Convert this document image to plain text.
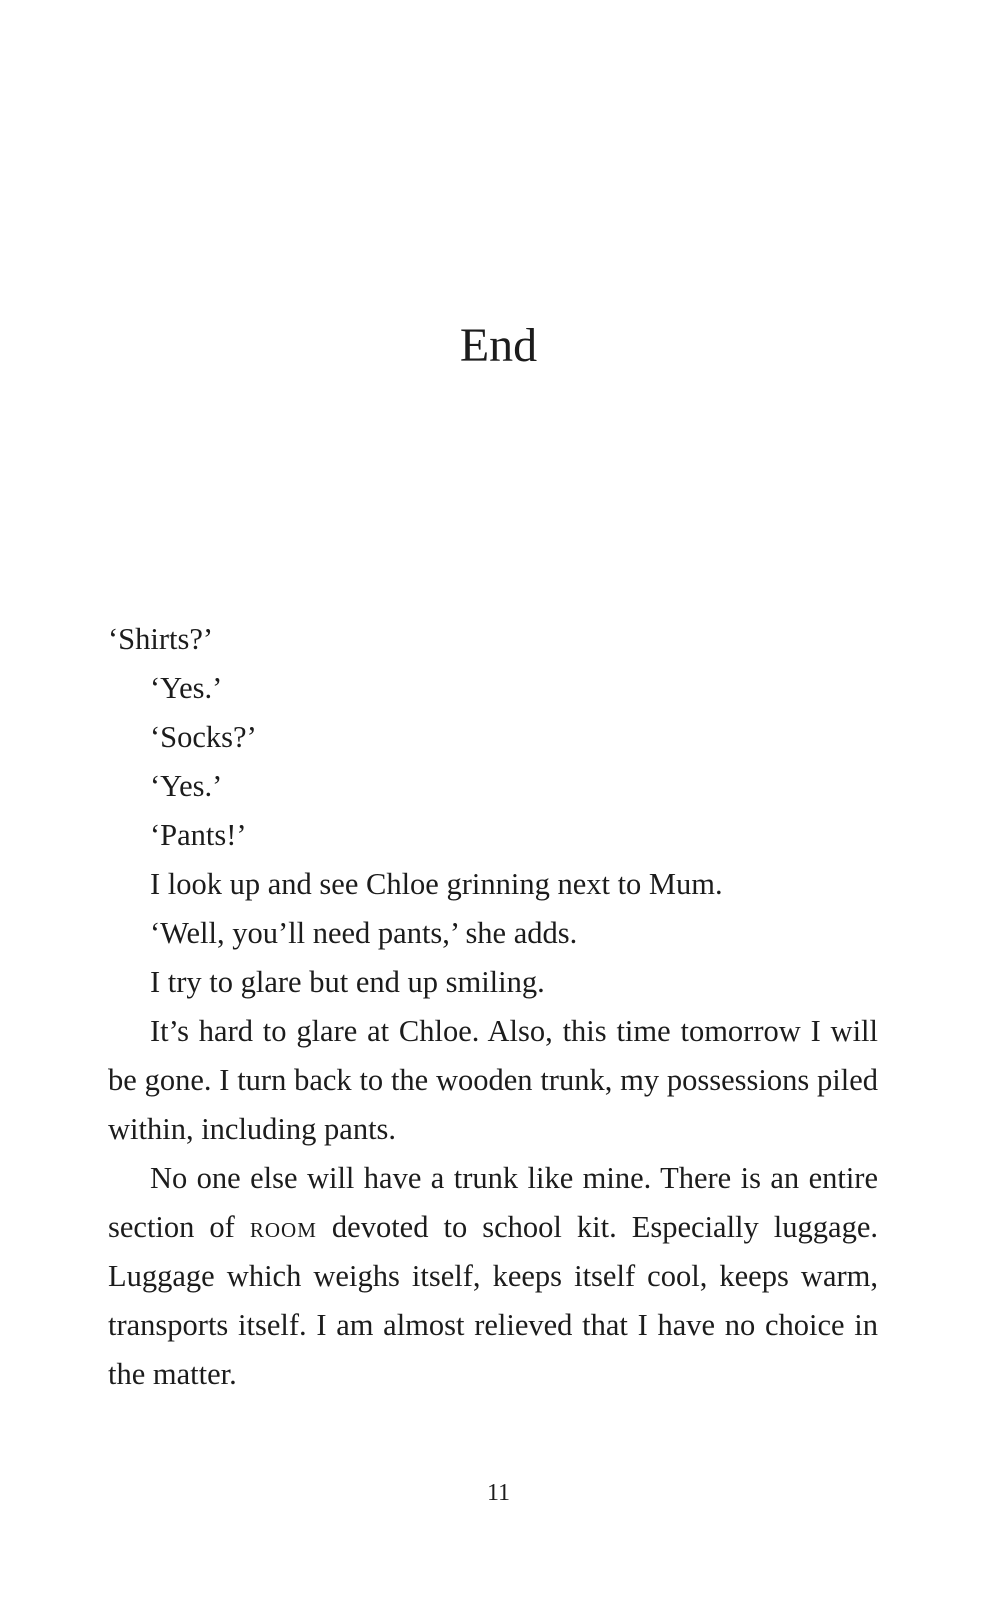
End

‘Shirts?’

‘Yes.’

‘Socks?’

‘Yes.’

‘Pants!’

I look up and see Chloe grinning next to Mum.

‘Well, you’ll need pants,’ she adds.

I try to glare but end up smiling.

It’s hard to glare at Chloe. Also, this time tomorrow I will be gone. I turn back to the wooden trunk, my possessions piled within, including pants.

No one else will have a trunk like mine. There is an entire section of room devoted to school kit. Especially luggage. Luggage which weighs itself, keeps itself cool, keeps warm, transports itself. I am almost relieved that I have no choice in the matter.

11
